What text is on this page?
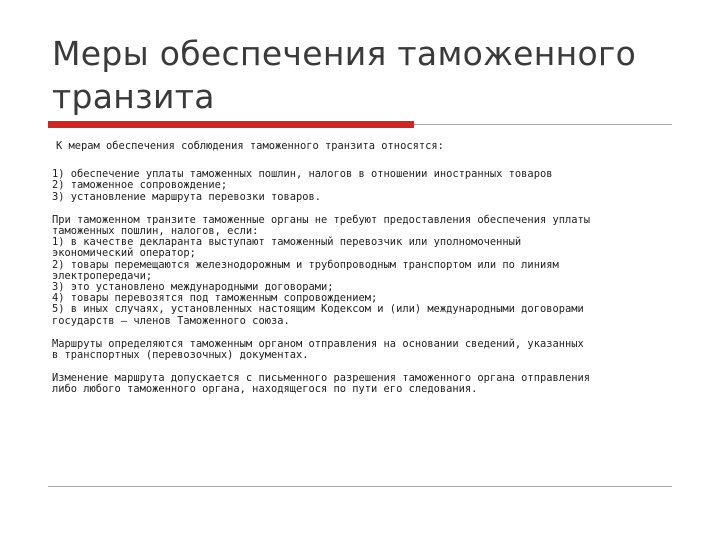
Меры обеспечения таможенного
транзита
К мерам обеспечения соблюдения таможенного транзита относятся:
1) обеспечение уплаты таможенных пошлин, налогов в отношении иностранных товаров
2) таможенное сопровождение;
3) установление маршрута перевозки товаров.
При таможенном транзите таможенные органы не требуют предоставления обеспечения уплаты
таможенных пошлин, налогов, если:
1) в качестве декларанта выступают таможенный перевозчик или уполномоченный
экономический оператор;
2) товары перемещаются железнодорожным и трубопроводным транспортом или по линиям
электропередачи;
3) это установлено международными договорами;
4) товары перевозятся под таможенным сопровождением;
5) в иных случаях, установленных настоящим Кодексом и (или) международными договорами
государств – членов Таможенного союза.
Маршруты определяются таможенным органом отправления на основании сведений, указанных
в транспортных (перевозочных) документах.
Изменение маршрута допускается с письменного разрешения таможенного органа отправления
либо любого таможенного органа, находящегося по пути его следования.
